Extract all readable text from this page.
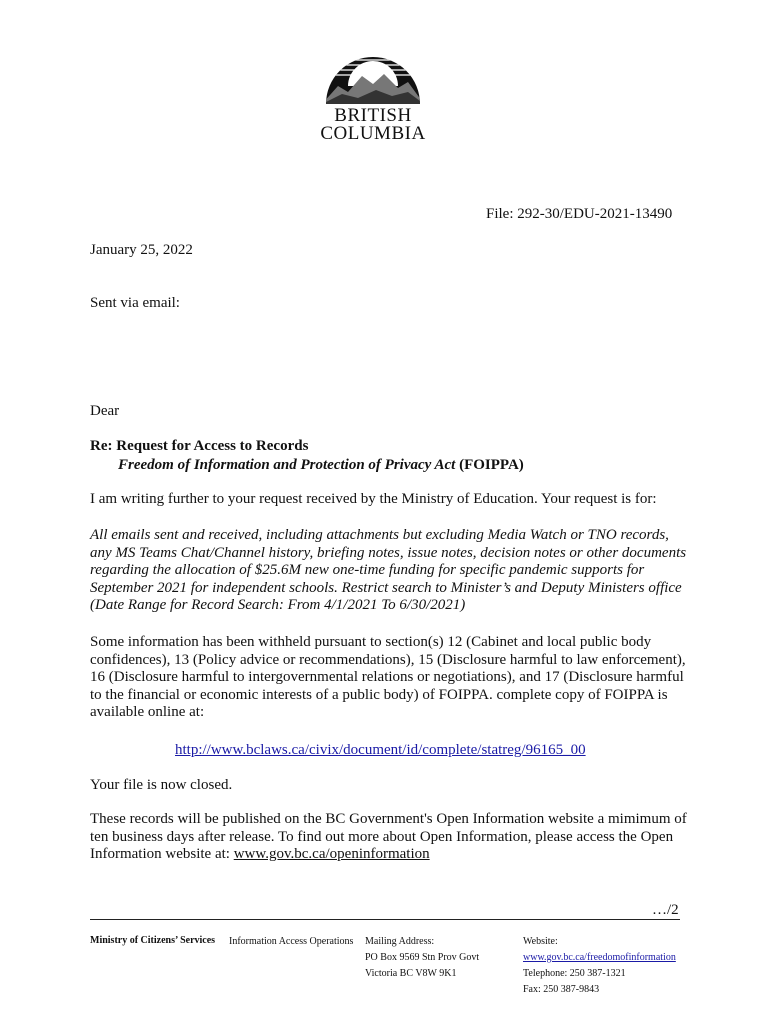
BRITISH
COLUMBIA
File: 292-30/EDU-2021-13490
January 25, 2022
Sent via email:
Dear
Re: Request for Access to Records
Freedom of Information and Protection of Privacy Act (FOIPPA)
I am writing further to your request received by the Ministry of Education. Your request is for:
All emails sent and received, including attachments but excluding Media Watch or TNO records, any MS Teams Chat/Channel history, briefing notes, issue notes, decision notes or other documents regarding the allocation of $25.6M new one-time funding for specific pandemic supports for September 2021 for independent schools. Restrict search to Minister’s and Deputy Ministers office (Date Range for Record Search: From 4/1/2021 To 6/30/2021)
Some information has been withheld pursuant to section(s) 12 (Cabinet and local public body confidences), 13 (Policy advice or recommendations), 15 (Disclosure harmful to law enforcement), 16 (Disclosure harmful to intergovernmental relations or negotiations), and 17 (Disclosure harmful to the financial or economic interests of a public body) of FOIPPA. complete copy of FOIPPA is available online at:
http://www.bclaws.ca/civix/document/id/complete/statreg/96165_00
Your file is now closed.
These records will be published on the BC Government's Open Information website a mimimum of ten business days after release. To find out more about Open Information, please access the Open Information website at: www.gov.bc.ca/openinformation
…/2
Ministry of Citizens’ Services Information Access Operations Mailing Address:
PO Box 9569 Stn Prov Govt
Victoria BC V8W 9K1
Website:
www.gov.bc.ca/freedomofinformation
Telephone: 250 387-1321
Fax: 250 387-9843
